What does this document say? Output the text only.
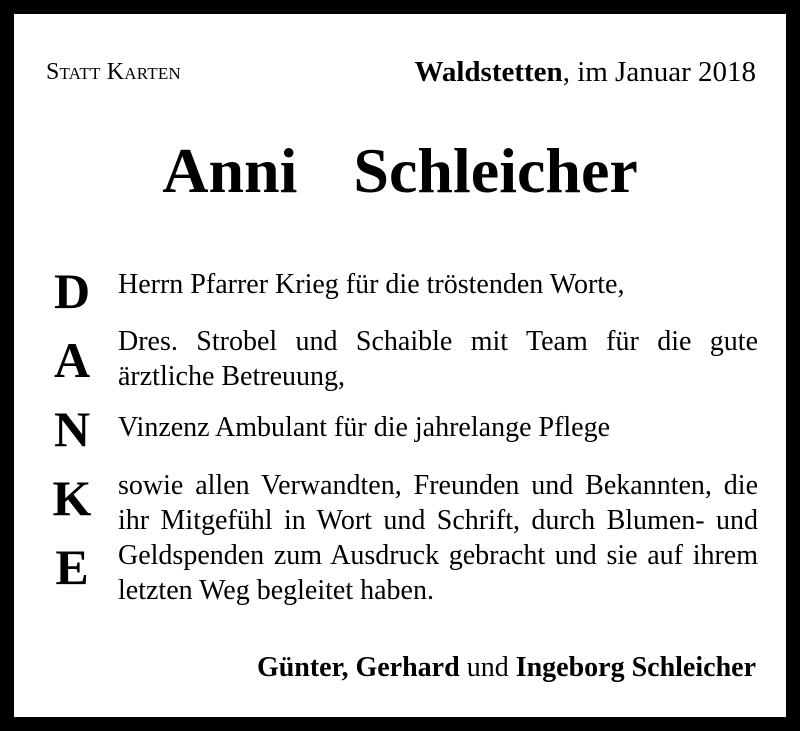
Statt Karten	Waldstetten, im Januar 2018
Anni  Schleicher
D
A
N
K
E
Herrn Pfarrer Krieg für die tröstenden Worte,
Dres. Strobel und Schaible mit Team für die gute ärztliche Betreuung,
Vinzenz Ambulant für die jahrelange Pflege
sowie allen Verwandten, Freunden und Bekannten, die ihr Mitgefühl in Wort und Schrift, durch Blumen- und Geldspenden zum Ausdruck gebracht und sie auf ihrem letzten Weg begleitet haben.
Günter, Gerhard und Ingeborg Schleicher
